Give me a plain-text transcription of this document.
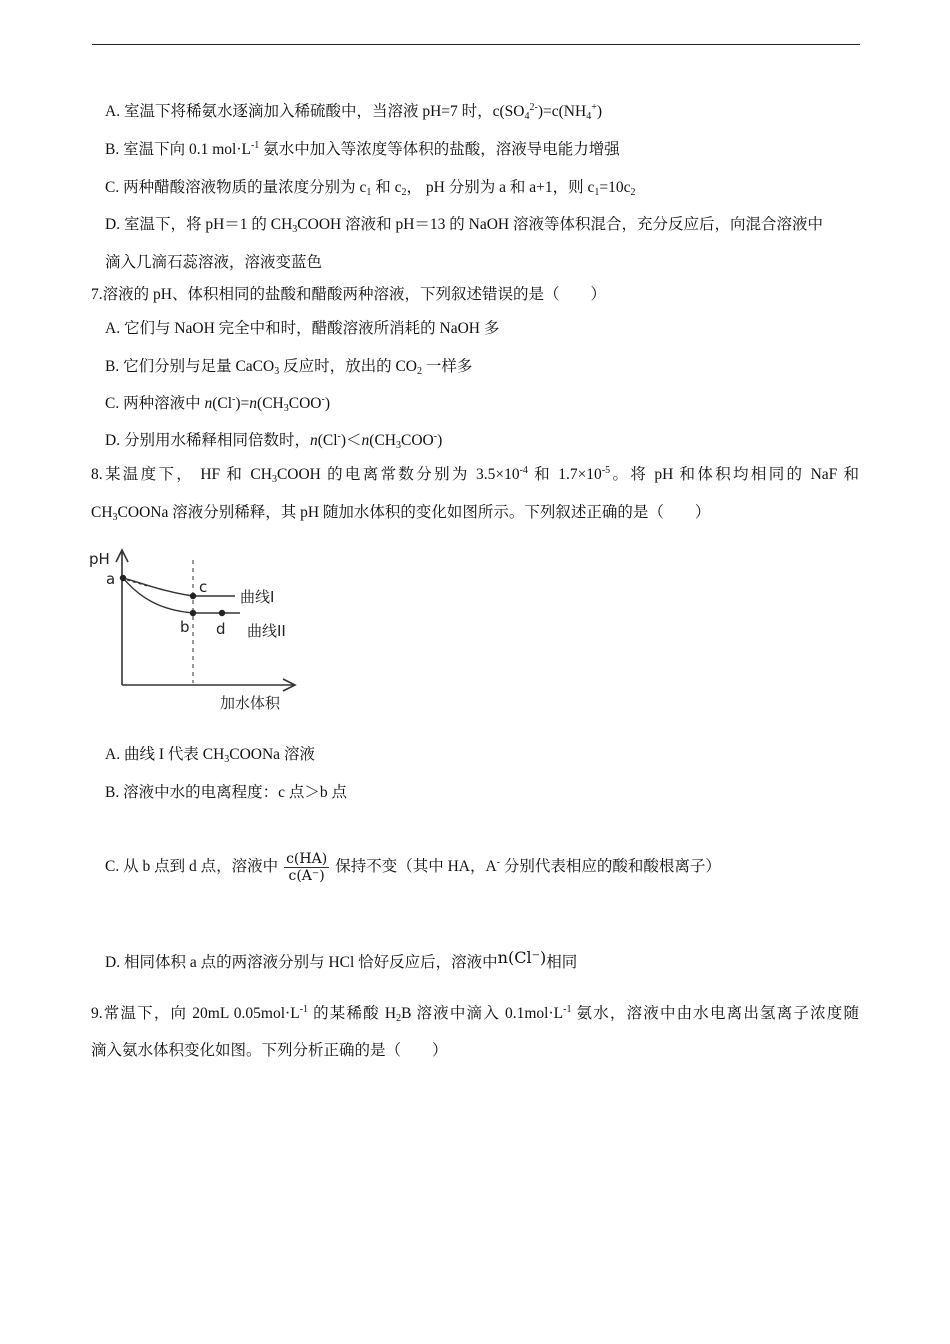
A. 室温下将稀氨水逐滴加入稀硫酸中，当溶液 pH=7 时，$c(SO_4^{2-})=c(NH_4^+)$
B. 室温下向 0.1 $mol\cdot L^{-1}$ 氨水中加入等浓度等体积的盐酸，溶液导电能力增强
C. 两种醋酸溶液物质的量浓度分别为 $c_1$ 和 $c_2$， pH 分别为 a 和 a+1，则 $c_1=10c_2$
D. 室温下，将 pH＝1 的 $CH_3COOH$ 溶液和 pH＝13 的 NaOH 溶液等体积混合，充分反应后，向混合溶液中
滴入几滴石蕊溶液，溶液变蓝色
7.溶液的 pH、体积相同的盐酸和醋酸两种溶液，下列叙述错误的是（　　）
A. 它们与 NaOH 完全中和时，醋酸溶液所消耗的 NaOH 多
B. 它们分别与足量 CaCO$_3$ 反应时，放出的 $CO_2$ 一样多
C. 两种溶液中 $n(Cl^-)=n(CH_3COO^-)$
D. 分别用水稀释相同倍数时，$n(Cl^-)<n(CH_3COO^-)$
8.某温度下， HF 和 $CH_3COOH$ 的电离常数分别为 $3.5\times 10^{-4}$ 和 $1.7\times 10^{-5}$。将 pH 和体积均相同的 NaF 和
$CH_3COONa$ 溶液分别稀释，其 pH 随加水体积的变化如图所示。下列叙述正确的是（　　）
pH
a	c
b d
曲线I
曲线II
加水体积
A. 曲线 I 代表 $CH_3COONa$ 溶液
B. 溶液中水的电离程度：c 点＞b 点
C. 从 b 点到 d 点，溶液中 $\frac{c(HA)}{c(A^-)}$ 保持不变（其中 HA，A- 分别代表相应的酸和酸根离子）
D. 相同体积 a 点的两溶液分别与 HCl 恰好反应后，溶液中n(Cl⁻)相同
9.常温下，向 20mL $0.05mol\cdot L^{-1}$ 的某稀酸 $H_2B$ 溶液中滴入 $0.1mol\cdot L^{-1}$ 氨水，溶液中由水电离出氢离子浓度随
滴入氨水体积变化如图。下列分析正确的是（　　）
